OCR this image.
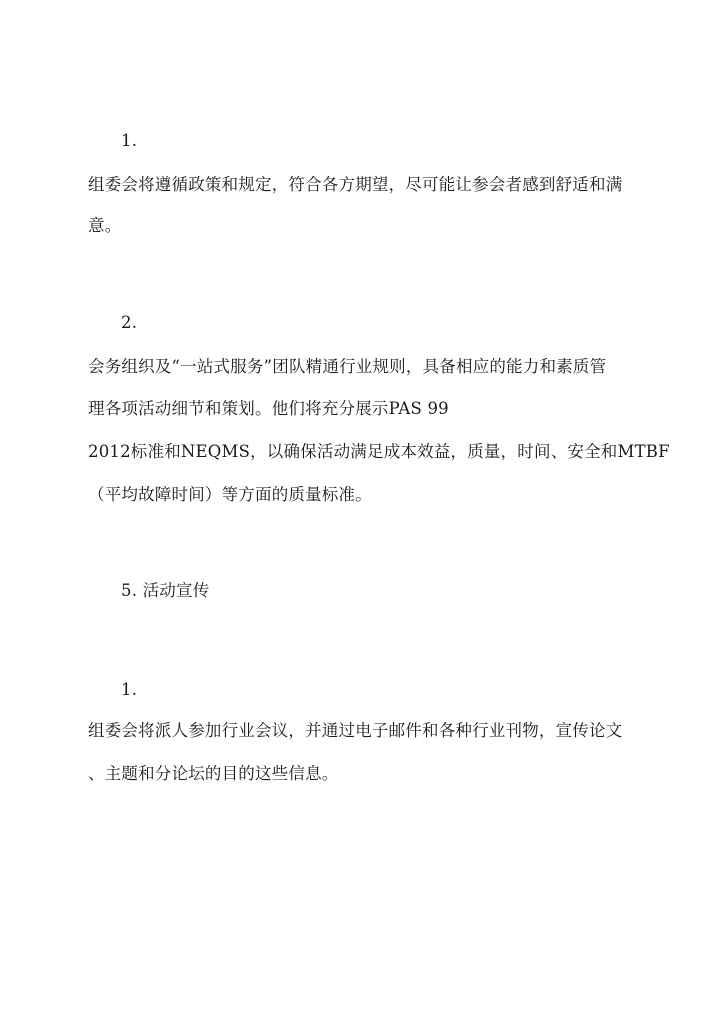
1.
组委会将遵循政策和规定，符合各方期望，尽可能让参会者感到舒适和满
意。
2.
会务组织及“一站式服务”团队精通行业规则，具备相应的能力和素质管
理各项活动细节和策划。他们将充分展示PAS 99
2012标准和NEQMS，以确保活动满足成本效益，质量，时间、安全和MTBF
（平均故障时间）等方面的质量标准。
5. 活动宣传
1.
组委会将派人参加行业会议，并通过电子邮件和各种行业刊物，宣传论文
、主题和分论坛的目的这些信息。
